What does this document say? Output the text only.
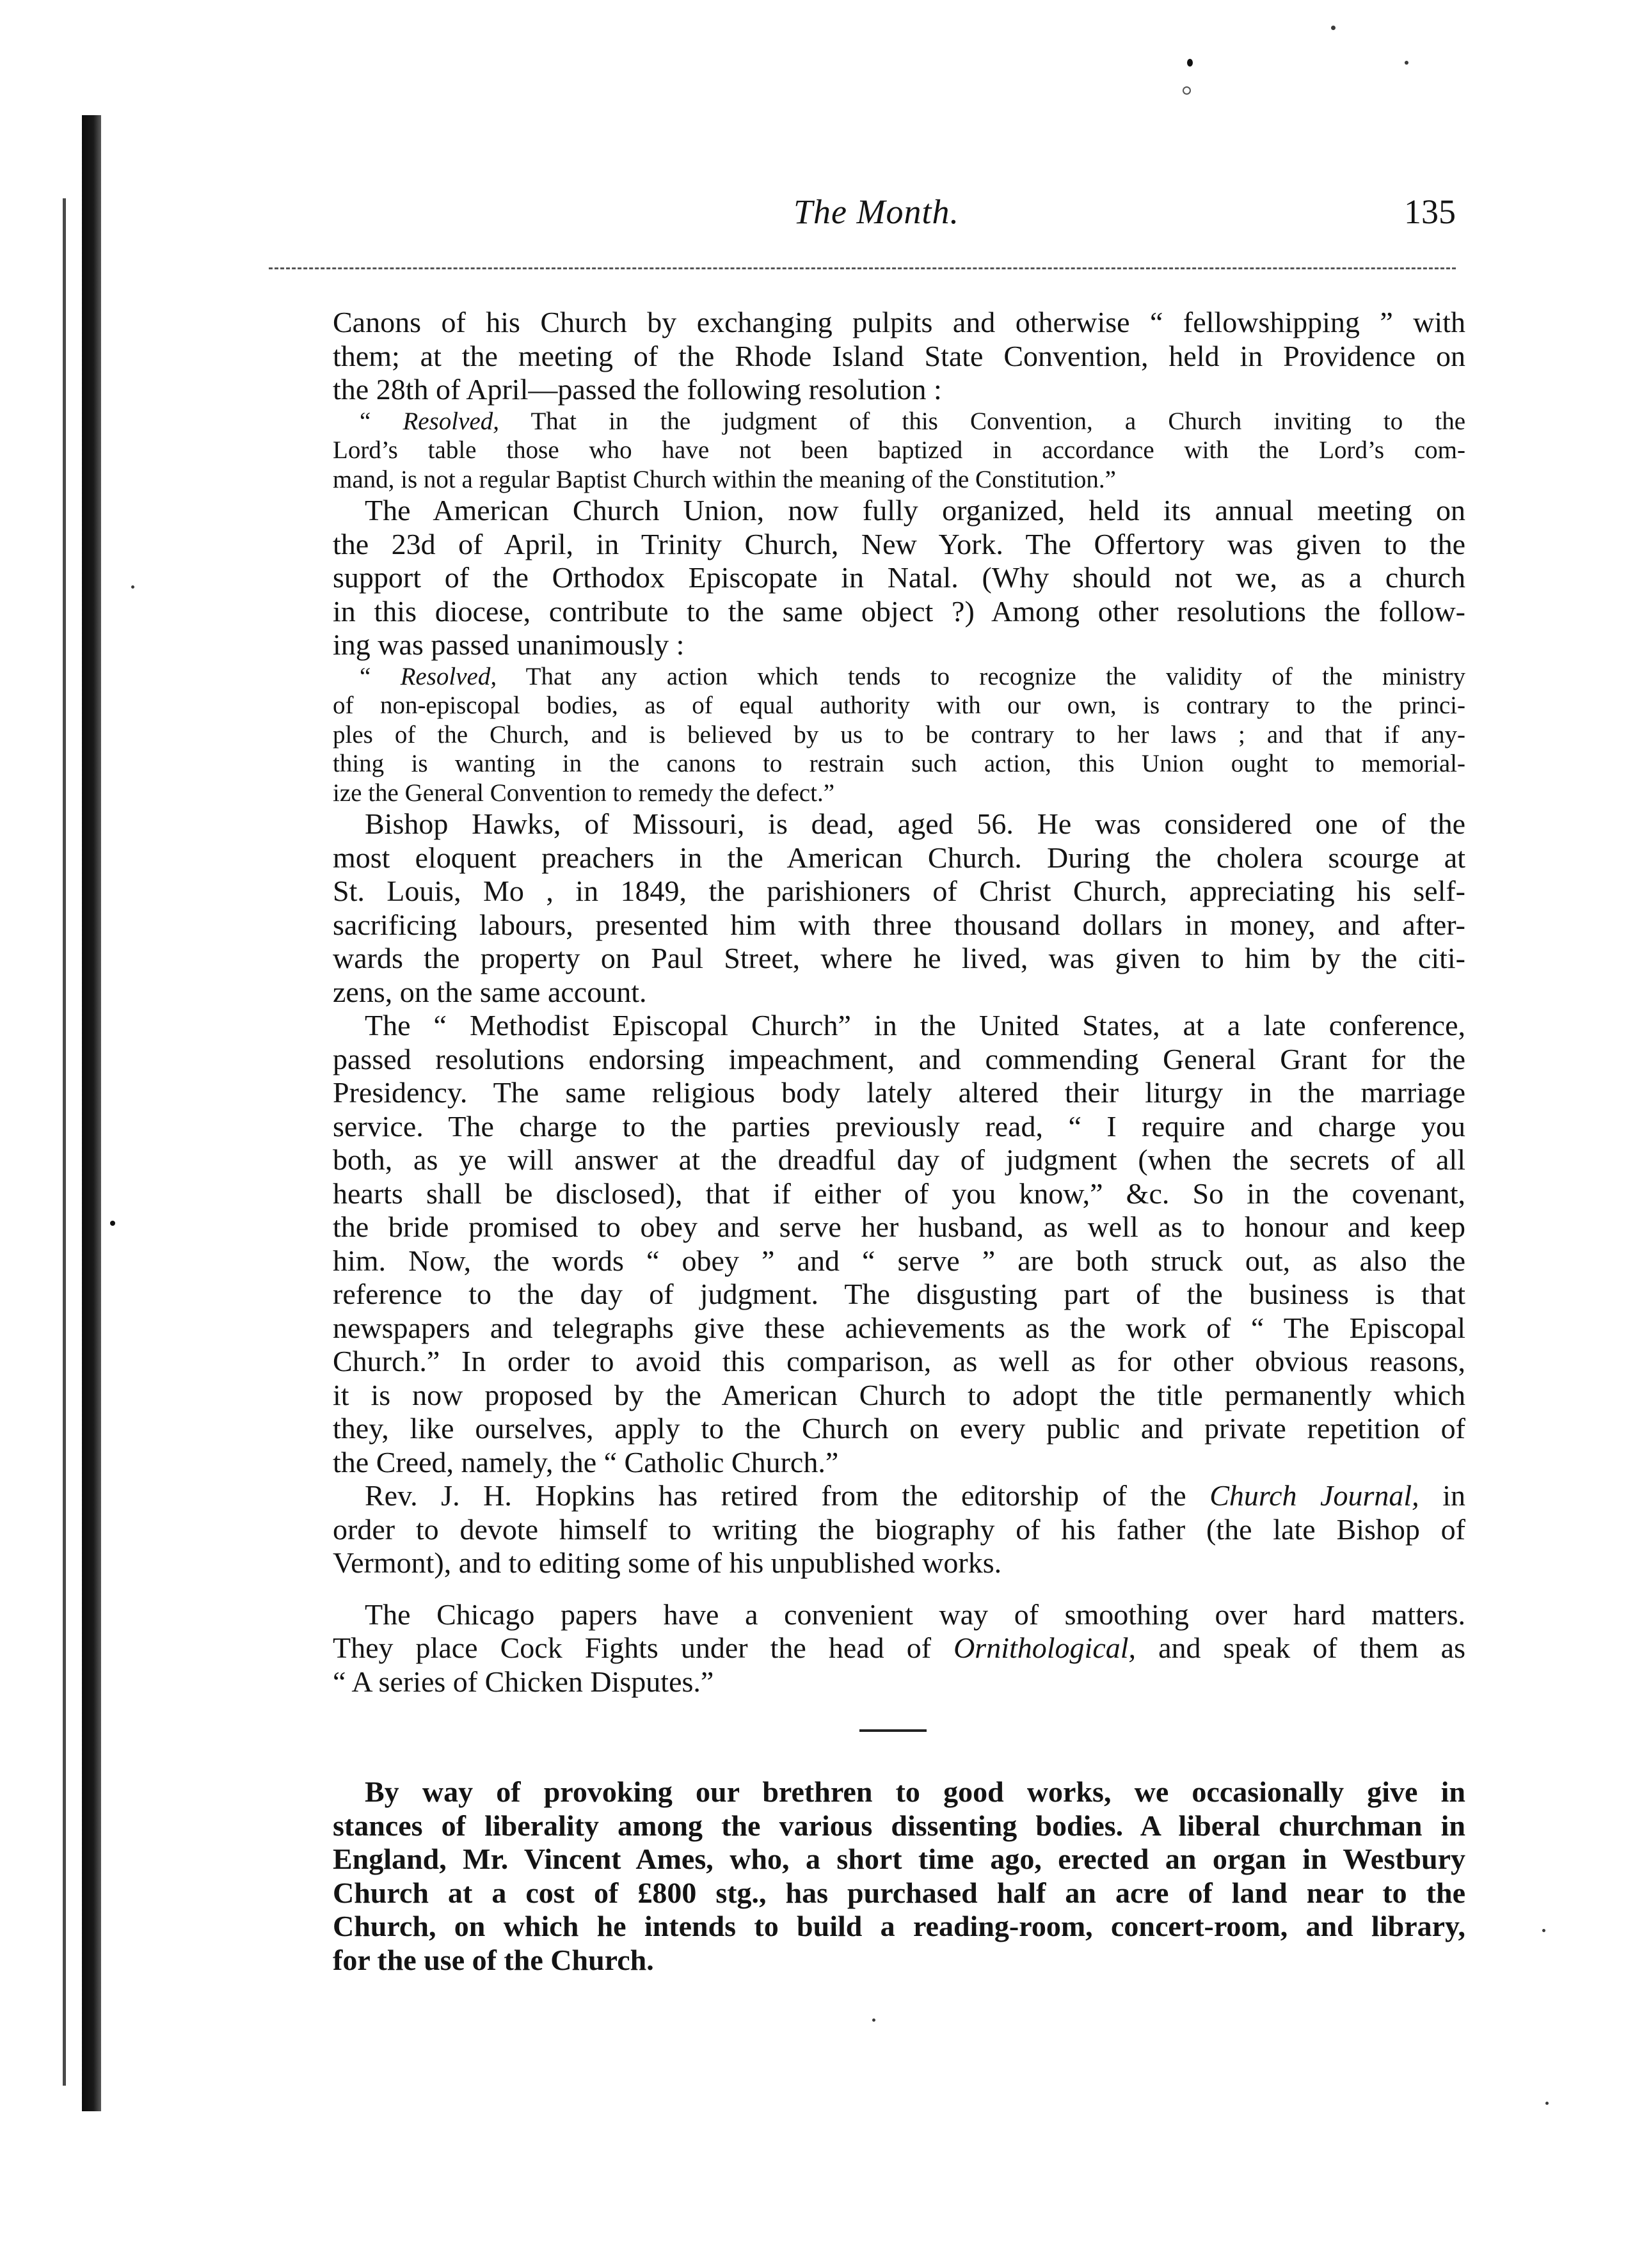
The Month.	135
Canons of his Church by exchanging pulpits and otherwise “ fellowshipping ” with
them; at the meeting of the Rhode Island State Convention, held in Providence on
the 28th of April—passed the following resolution :
“ Resolved, That in the judgment of this Convention, a Church inviting to the
Lord’s table those who have not been baptized in accordance with the Lord’s com-
mand, is not a regular Baptist Church within the meaning of the Constitution.”
The American Church Union, now fully organized, held its annual meeting on
the 23d of April, in Trinity Church, New York. The Offertory was given to the
support of the Orthodox Episcopate in Natal. (Why should not we, as a church
in this diocese, contribute to the same object ?) Among other resolutions the follow-
ing was passed unanimously :
“ Resolved, That any action which tends to recognize the validity of the ministry
of non-episcopal bodies, as of equal authority with our own, is contrary to the princi-
ples of the Church, and is believed by us to be contrary to her laws ; and that if any-
thing is wanting in the canons to restrain such action, this Union ought to memorial-
ize the General Convention to remedy the defect.”
Bishop Hawks, of Missouri, is dead, aged 56. He was considered one of the
most eloquent preachers in the American Church. During the cholera scourge at
St. Louis, Mo , in 1849, the parishioners of Christ Church, appreciating his self-
sacrificing labours, presented him with three thousand dollars in money, and after-
wards the property on Paul Street, where he lived, was given to him by the citi-
zens, on the same account.
The “ Methodist Episcopal Church” in the United States, at a late conference,
passed resolutions endorsing impeachment, and commending General Grant for the
Presidency. The same religious body lately altered their liturgy in the marriage
service. The charge to the parties previously read, “ I require and charge you
both, as ye will answer at the dreadful day of judgment (when the secrets of all
hearts shall be disclosed), that if either of you know,” &c. So in the covenant,
the bride promised to obey and serve her husband, as well as to honour and keep
him. Now, the words “ obey ” and “ serve ” are both struck out, as also the
reference to the day of judgment. The disgusting part of the business is that
newspapers and telegraphs give these achievements as the work of “ The Episcopal
Church.” In order to avoid this comparison, as well as for other obvious reasons,
it is now proposed by the American Church to adopt the title permanently which
they, like ourselves, apply to the Church on every public and private repetition of
the Creed, namely, the “ Catholic Church.”
Rev. J. H. Hopkins has retired from the editorship of the Church Journal, in
order to devote himself to writing the biography of his father (the late Bishop of
Vermont), and to editing some of his unpublished works.
The Chicago papers have a convenient way of smoothing over hard matters.
They place Cock Fights under the head of Ornithological, and speak of them as
“ A series of Chicken Disputes.”
By way of provoking our brethren to good works, we occasionally give in
stances of liberality among the various dissenting bodies. A liberal churchman in
England, Mr. Vincent Ames, who, a short time ago, erected an organ in Westbury
Church at a cost of £800 stg., has purchased half an acre of land near to the
Church, on which he intends to build a reading-room, concert-room, and library,
for the use of the Church.
